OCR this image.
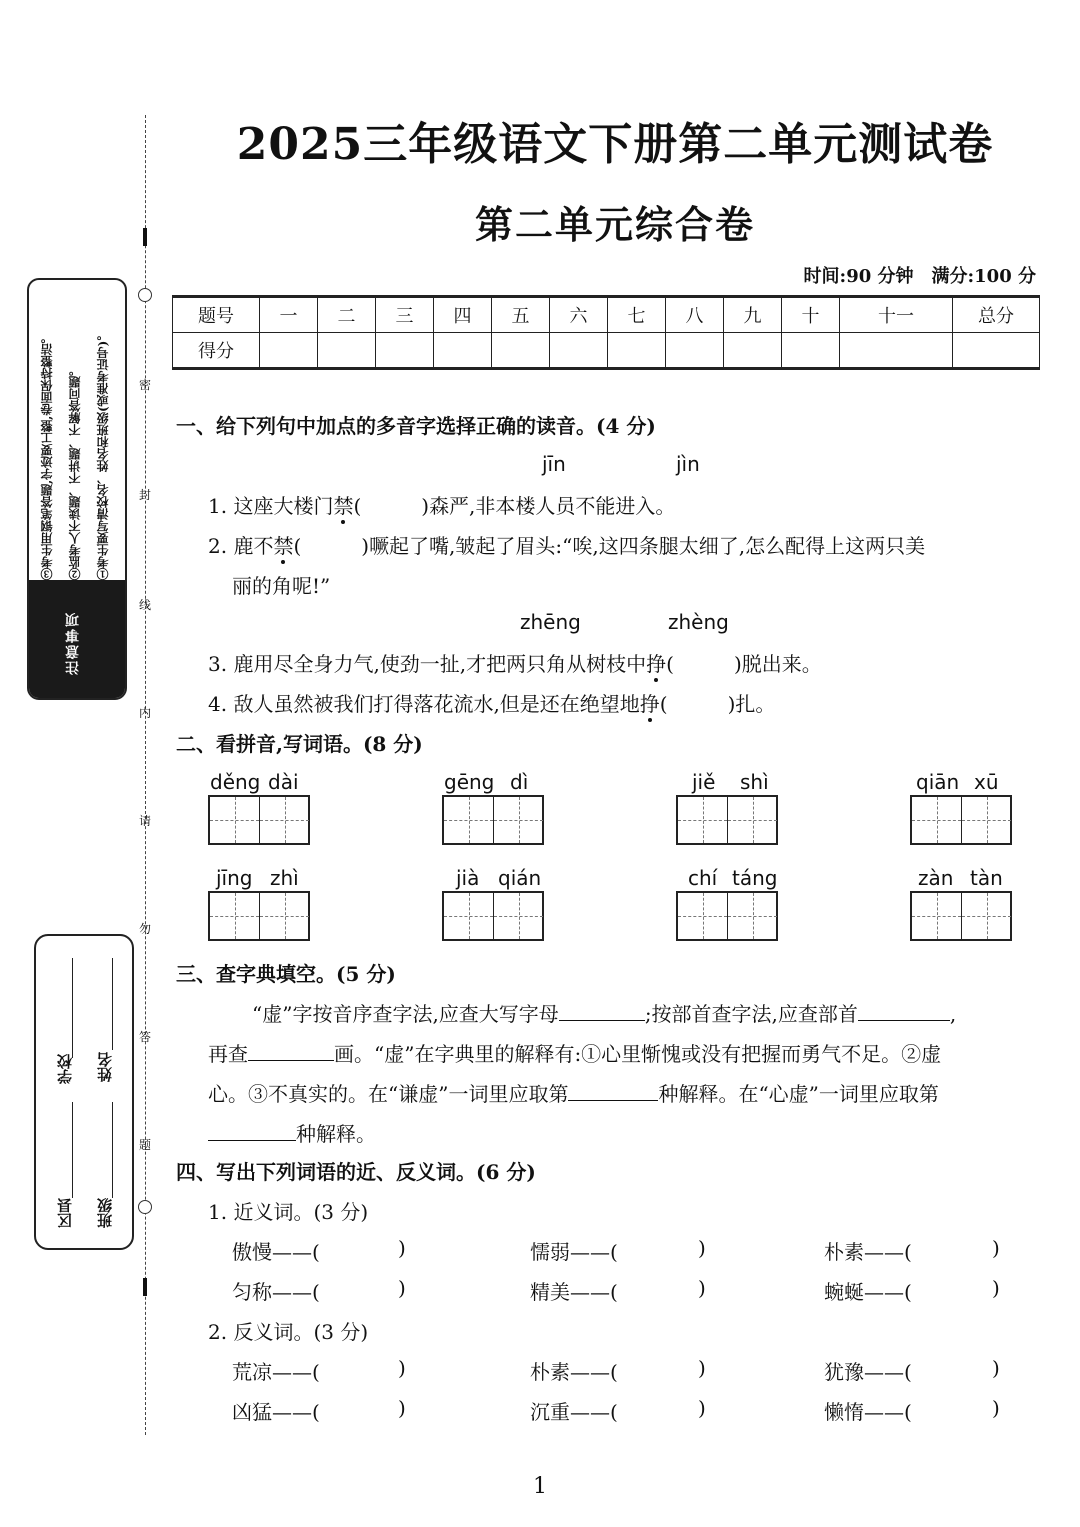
密
封
线
内
请
勿
答
题
③考生用钢笔答题,字迹要工整,卷面保持整洁。	②监考人不读题、不讲题、不解答问题。	①考生要写清校名、姓名和班级(或准考证号)。
注意事项
学校
区县
姓名
班级
2025三年级语文下册第二单元测试卷
第二单元综合卷
时间:90 分钟　满分:100 分
题号	一	二	三	四	五	六	七	八	九	十	十一	总分
得分												
一、给下列句中加点的多音字选择正确的读音。(4 分)
jīn	jìn
1. 这座大楼门禁(　　　)森严,非本楼人员不能进入。
2. 鹿不禁(　　　)噘起了嘴,皱起了眉头:“唉,这四条腿太细了,怎么配得上这两只美
丽的角呢!”
zhēng	zhèng
3. 鹿用尽全身力气,使劲一扯,才把两只角从树枝中挣(　　　)脱出来。
4. 敌人虽然被我们打得落花流水,但是还在绝望地挣(　　　)扎。
二、看拼音,写词语。(8 分)
děng dài	gēng dì	jiě shì	qiān xū
jīng zhì	jià qián	chí táng	zàn tàn
三、查字典填空。(5 分)
“虚”字按音序查字法,应查大写字母	;按部首查字法,应查部首	,
再查	画。“虚”在字典里的解释有:①心里惭愧或没有把握而勇气不足。②虚
心。③不真实的。在“谦虚”一词里应取第	种解释。在“心虚”一词里应取第
种解释。
四、写出下列词语的近、反义词。(6 分)
1. 近义词。(3 分)
傲慢——(	)	懦弱——(	)	朴素——(	)
匀称——(	)	精美——(	)	蜿蜒——(	)
2. 反义词。(3 分)
荒凉——(	)	朴素——(	)	犹豫——(	)
凶猛——(	)	沉重——(	)	懒惰——(	)
1
